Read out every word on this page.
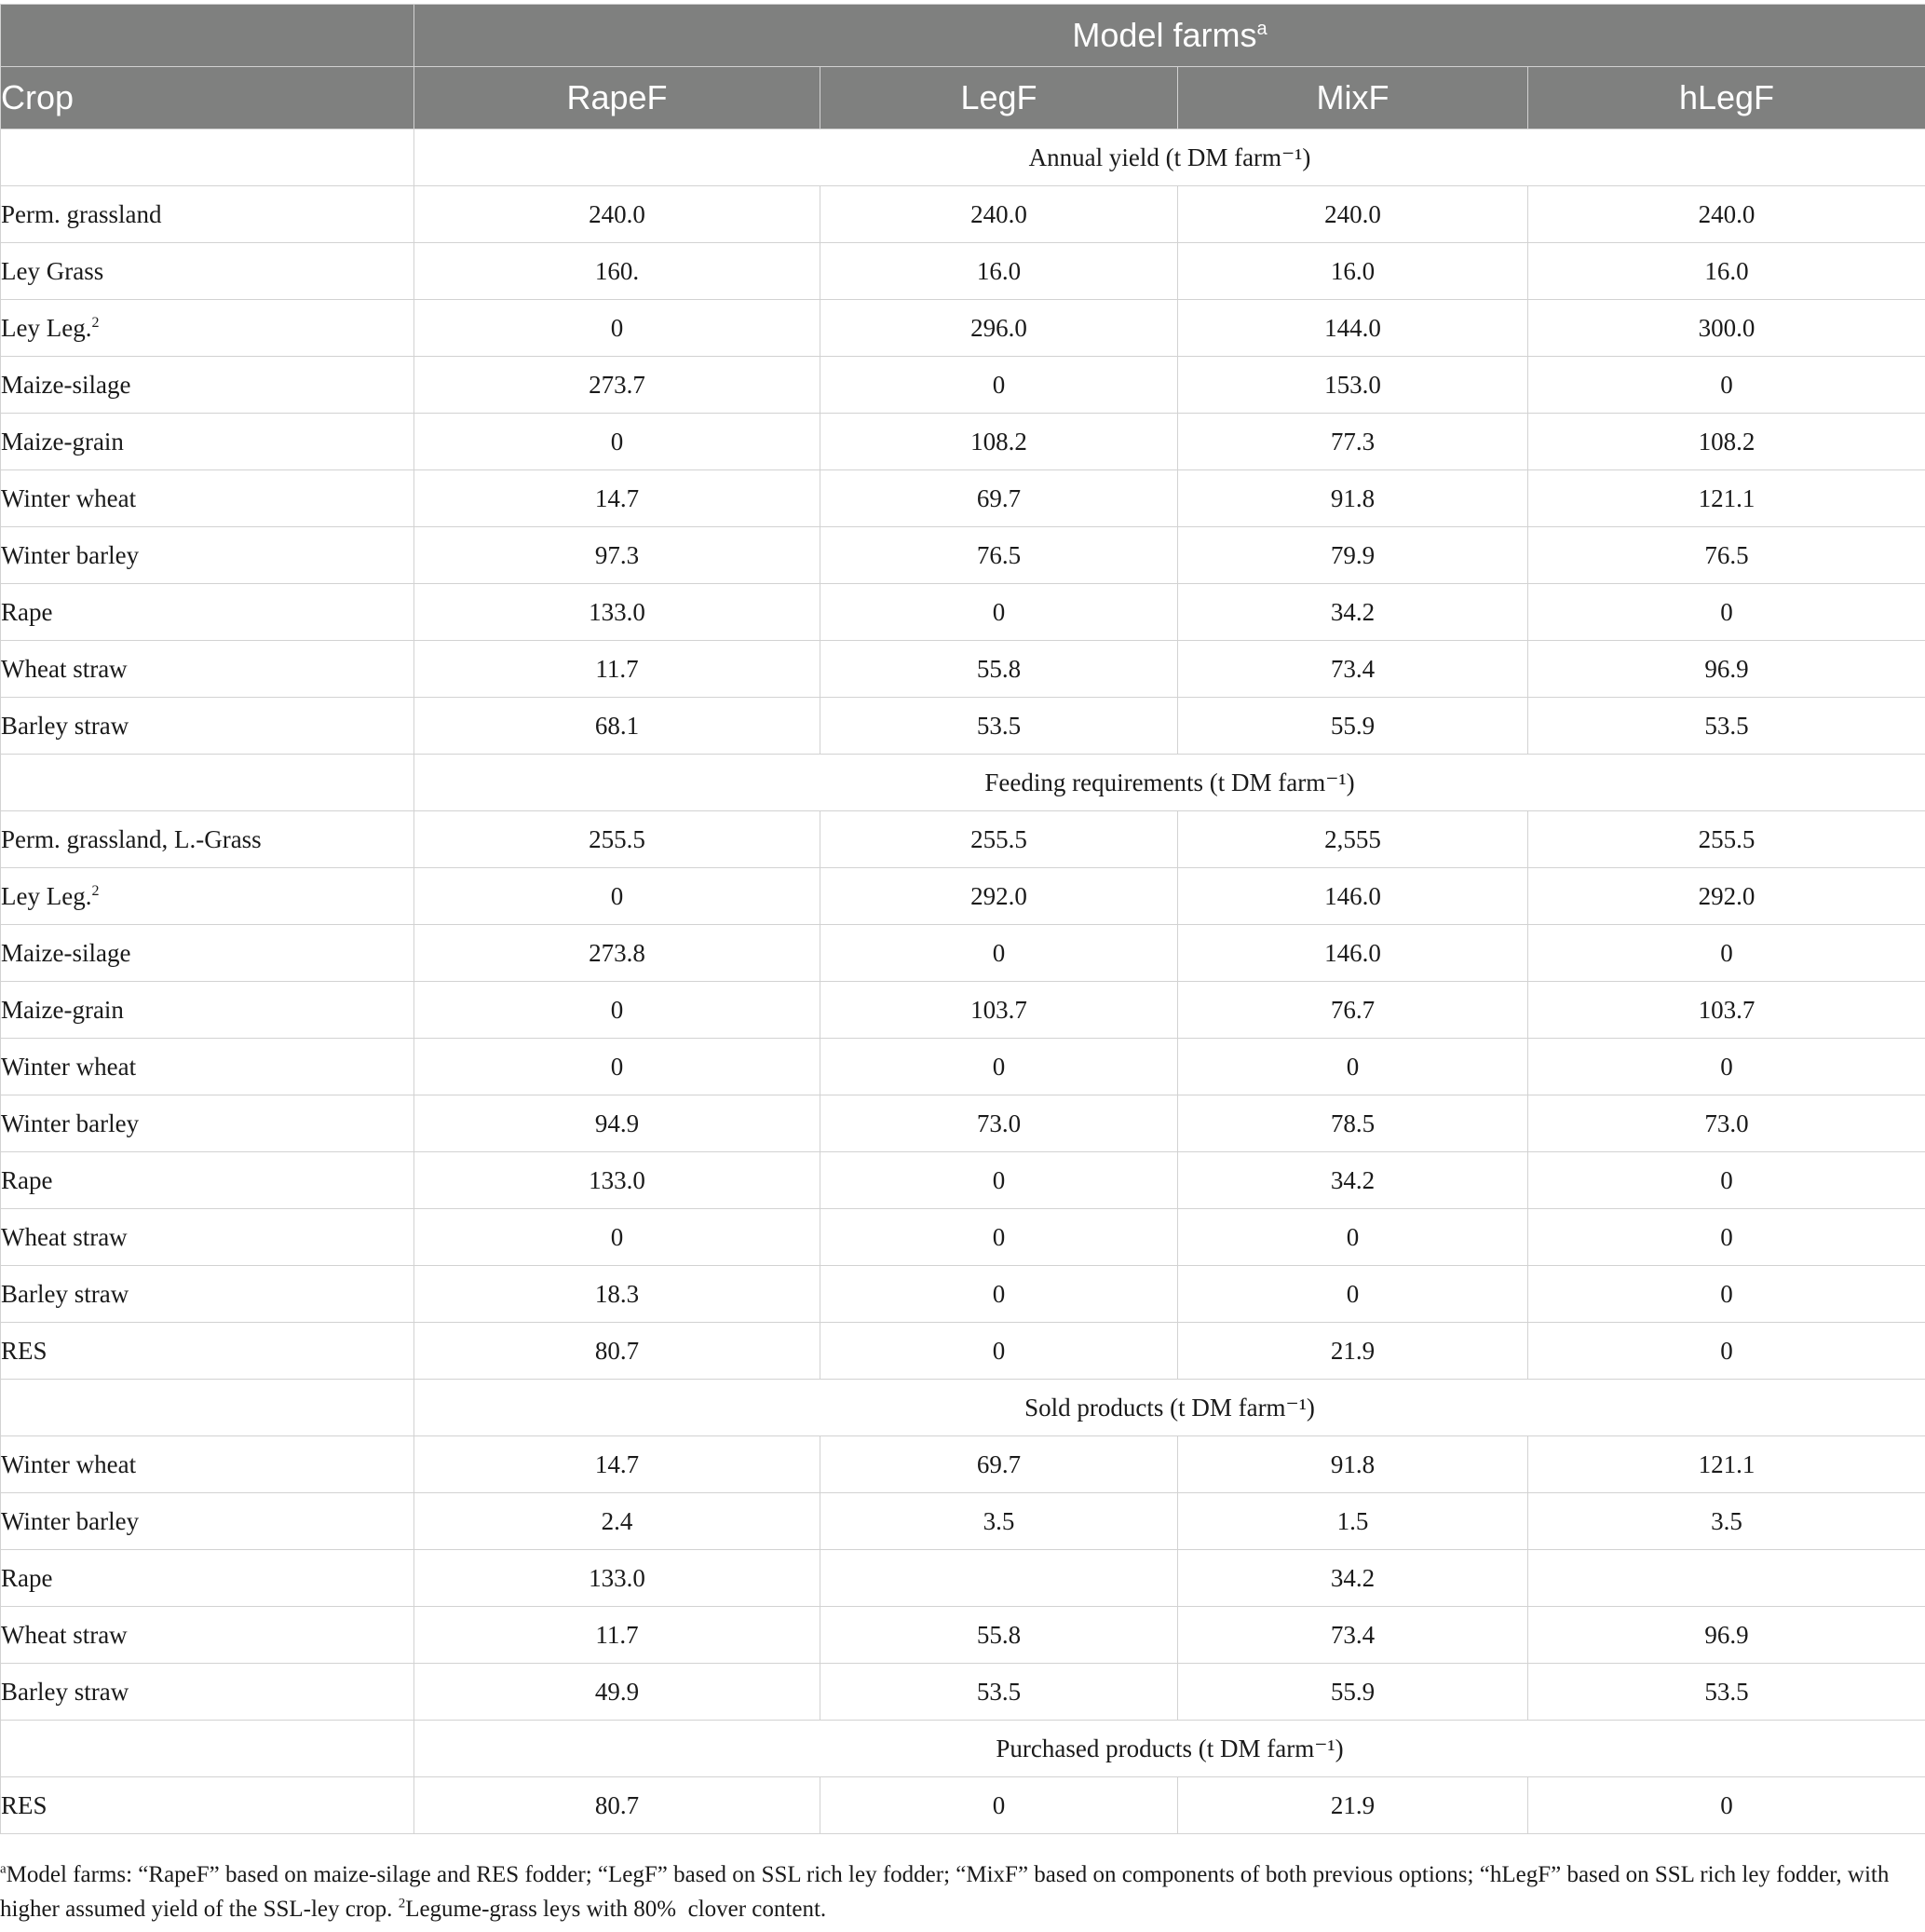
	Model farms$^a$
Crop	RapeF	LegF	MixF	hLegF
	Annual yield (t DM farm⁻¹)			
Perm. grassland	240.0	240.0	240.0	240.0
Ley Grass	160.	16.0	16.0	16.0
Ley Leg.$^2$	0	296.0	144.0	300.0
Maize-silage	273.7	0	153.0	0
Maize-grain	0	108.2	77.3	108.2
Winter wheat	14.7	69.7	91.8	121.1
Winter barley	97.3	76.5	79.9	76.5
Rape	133.0	0	34.2	0
Wheat straw	11.7	55.8	73.4	96.9
Barley straw	68.1	53.5	55.9	53.5
	Feeding requirements (t DM farm⁻¹)			
Perm. grassland, L.-Grass	255.5	255.5	2,555	255.5
Ley Leg.$^2$	0	292.0	146.0	292.0
Maize-silage	273.8	0	146.0	0
Maize-grain	0	103.7	76.7	103.7
Winter wheat	0	0	0	0
Winter barley	94.9	73.0	78.5	73.0
Rape	133.0	0	34.2	0
Wheat straw	0	0	0	0
Barley straw	18.3	0	0	0
RES	80.7	0	21.9	0
	Sold products (t DM farm⁻¹)			
Winter wheat	14.7	69.7	91.8	121.1
Winter barley	2.4	3.5	1.5	3.5
Rape	133.0		34.2	
Wheat straw	11.7	55.8	73.4	96.9
Barley straw	49.9	53.5	55.9	53.5
	Purchased products (t DM farm⁻¹)			
RES	80.7	0	21.9	0
$^a$Model farms: “RapeF” based on maize-silage and RES fodder; “LegF” based on SSL rich ley fodder; “MixF” based on components of both previous options; “hLegF” based on SSL rich ley fodder, with higher assumed yield of the SSL-ley crop. $^2$Legume-grass leys with 80%  clover content.
